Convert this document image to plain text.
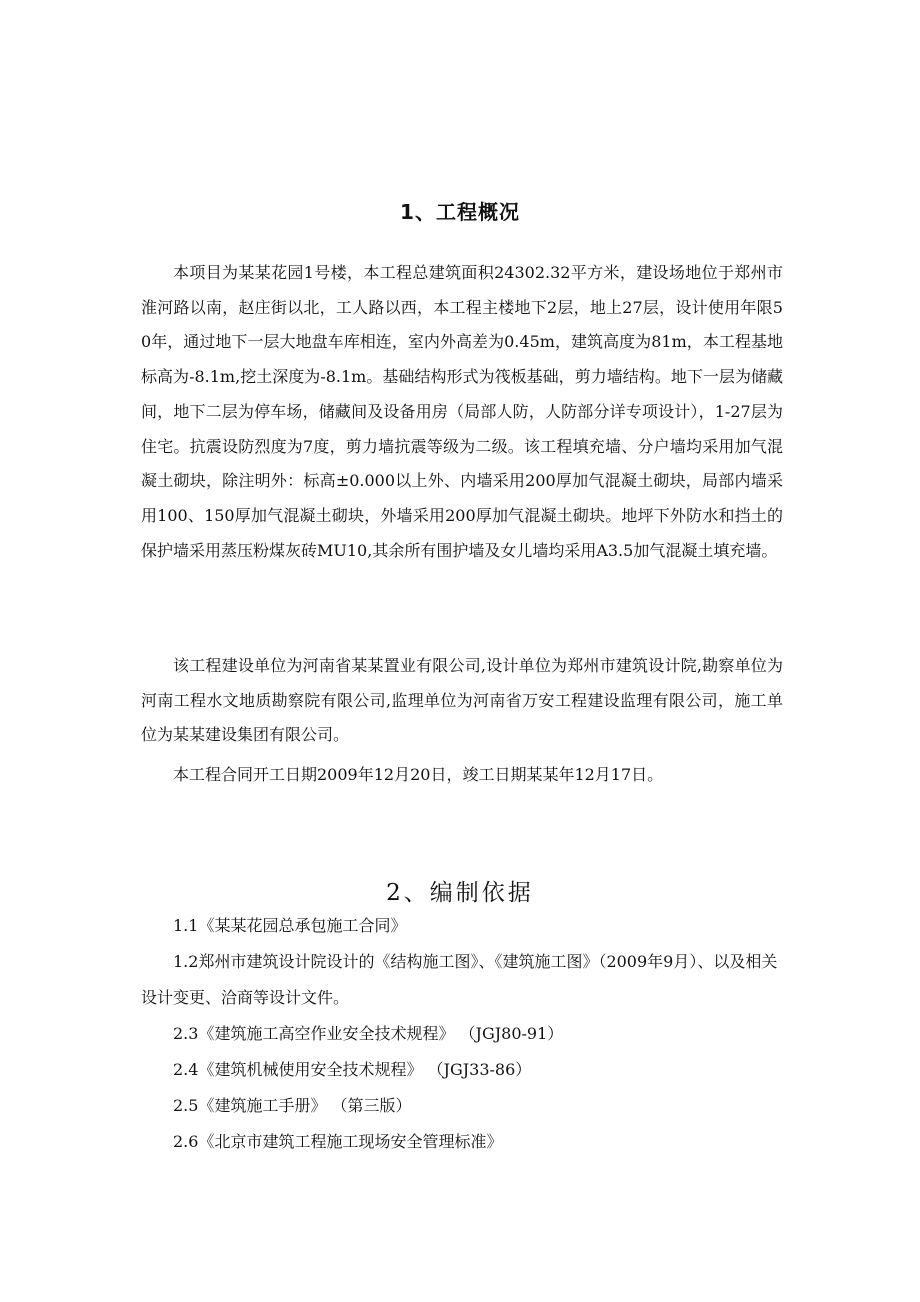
1、工程概况

本项目为某某花园1号楼，本工程总建筑面积24302.32平方米，建设场地位于郑州市淮河路以南，赵庄街以北，工人路以西，本工程主楼地下2层，地上27层，设计使用年限50年，通过地下一层大地盘车库相连，室内外高差为0.45m，建筑高度为81m，本工程基地标高为-8.1m,挖土深度为-8.1m。基础结构形式为筏板基础，剪力墙结构。地下一层为储藏间，地下二层为停车场，储藏间及设备用房（局部人防，人防部分详专项设计），1-27层为住宅。抗震设防烈度为7度，剪力墙抗震等级为二级。该工程填充墙、分户墙均采用加气混凝土砌块，除注明外：标高±0.000以上外、内墙采用200厚加气混凝土砌块，局部内墙采用100、150厚加气混凝土砌块，外墙采用200厚加气混凝土砌块。地坪下外防水和挡土的保护墙采用蒸压粉煤灰砖MU10,其余所有围护墙及女儿墙均采用A3.5加气混凝土填充墙。

该工程建设单位为河南省某某置业有限公司,设计单位为郑州市建筑设计院,勘察单位为河南工程水文地质勘察院有限公司,监理单位为河南省万安工程建设监理有限公司，施工单位为某某建设集团有限公司。

本工程合同开工日期2009年12月20日，竣工日期某某年12月17日。

2、编制依据
1.1《某某花园总承包施工合同》
1.2郑州市建筑设计院设计的《结构施工图》、《建筑施工图》（2009年9月）、以及相关设计变更、洽商等设计文件。
2.3《建筑施工高空作业安全技术规程》 （JGJ80-91）
2.4《建筑机械使用安全技术规程》 （JGJ33-86）
2.5《建筑施工手册》 （第三版）
2.6《北京市建筑工程施工现场安全管理标准》
